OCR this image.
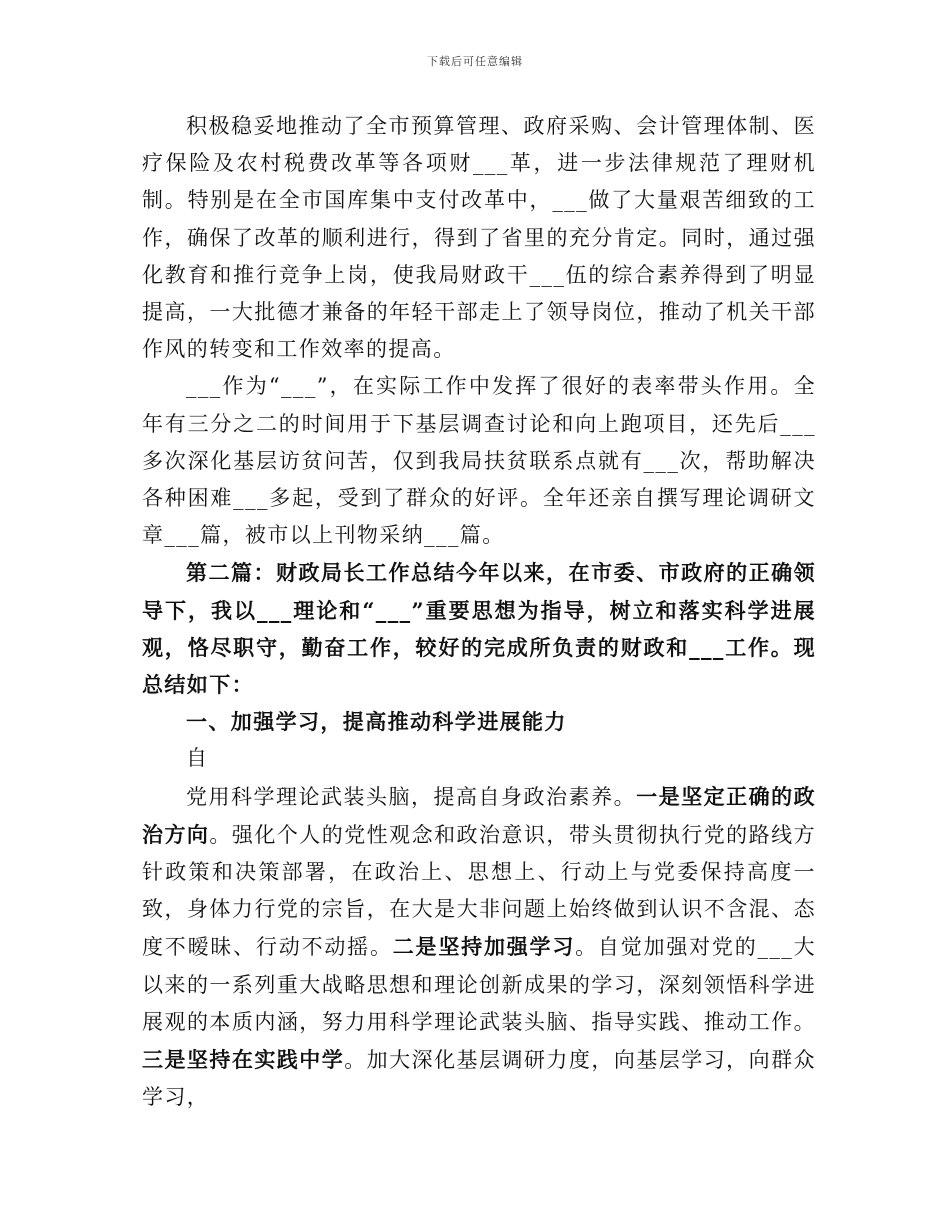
下载后可任意编辑

积极稳妥地推动了全市预算管理、政府采购、会计管理体制、医疗保险及农村税费改革等各项财___革，进一步法律规范了理财机制。特别是在全市国库集中支付改革中，___做了大量艰苦细致的工作，确保了改革的顺利进行，得到了省里的充分肯定。同时，通过强化教育和推行竞争上岗，使我局财政干___伍的综合素养得到了明显提高，一大批德才兼备的年轻干部走上了领导岗位，推动了机关干部作风的转变和工作效率的提高。

___作为“___”，在实际工作中发挥了很好的表率带头作用。全年有三分之二的时间用于下基层调查讨论和向上跑项目，还先后___多次深化基层访贫问苦，仅到我局扶贫联系点就有___次，帮助解决各种困难___多起，受到了群众的好评。全年还亲自撰写理论调研文章___篇，被市以上刊物采纳___篇。

第二篇：财政局长工作总结今年以来，在市委、市政府的正确领导下，我以___理论和“___”重要思想为指导，树立和落实科学进展观，恪尽职守，勤奋工作，较好的完成所负责的财政和___工作。现总结如下：

一、加强学习，提高推动科学进展能力

自

党用科学理论武装头脑，提高自身政治素养。一是坚定正确的政治方向。强化个人的党性观念和政治意识，带头贯彻执行党的路线方针政策和决策部署，在政治上、思想上、行动上与党委保持高度一致，身体力行党的宗旨，在大是大非问题上始终做到认识不含混、态度不暧昧、行动不动摇。二是坚持加强学习。自觉加强对党的___大以来的一系列重大战略思想和理论创新成果的学习，深刻领悟科学进展观的本质内涵，努力用科学理论武装头脑、指导实践、推动工作。三是坚持在实践中学。加大深化基层调研力度，向基层学习，向群众学习，
